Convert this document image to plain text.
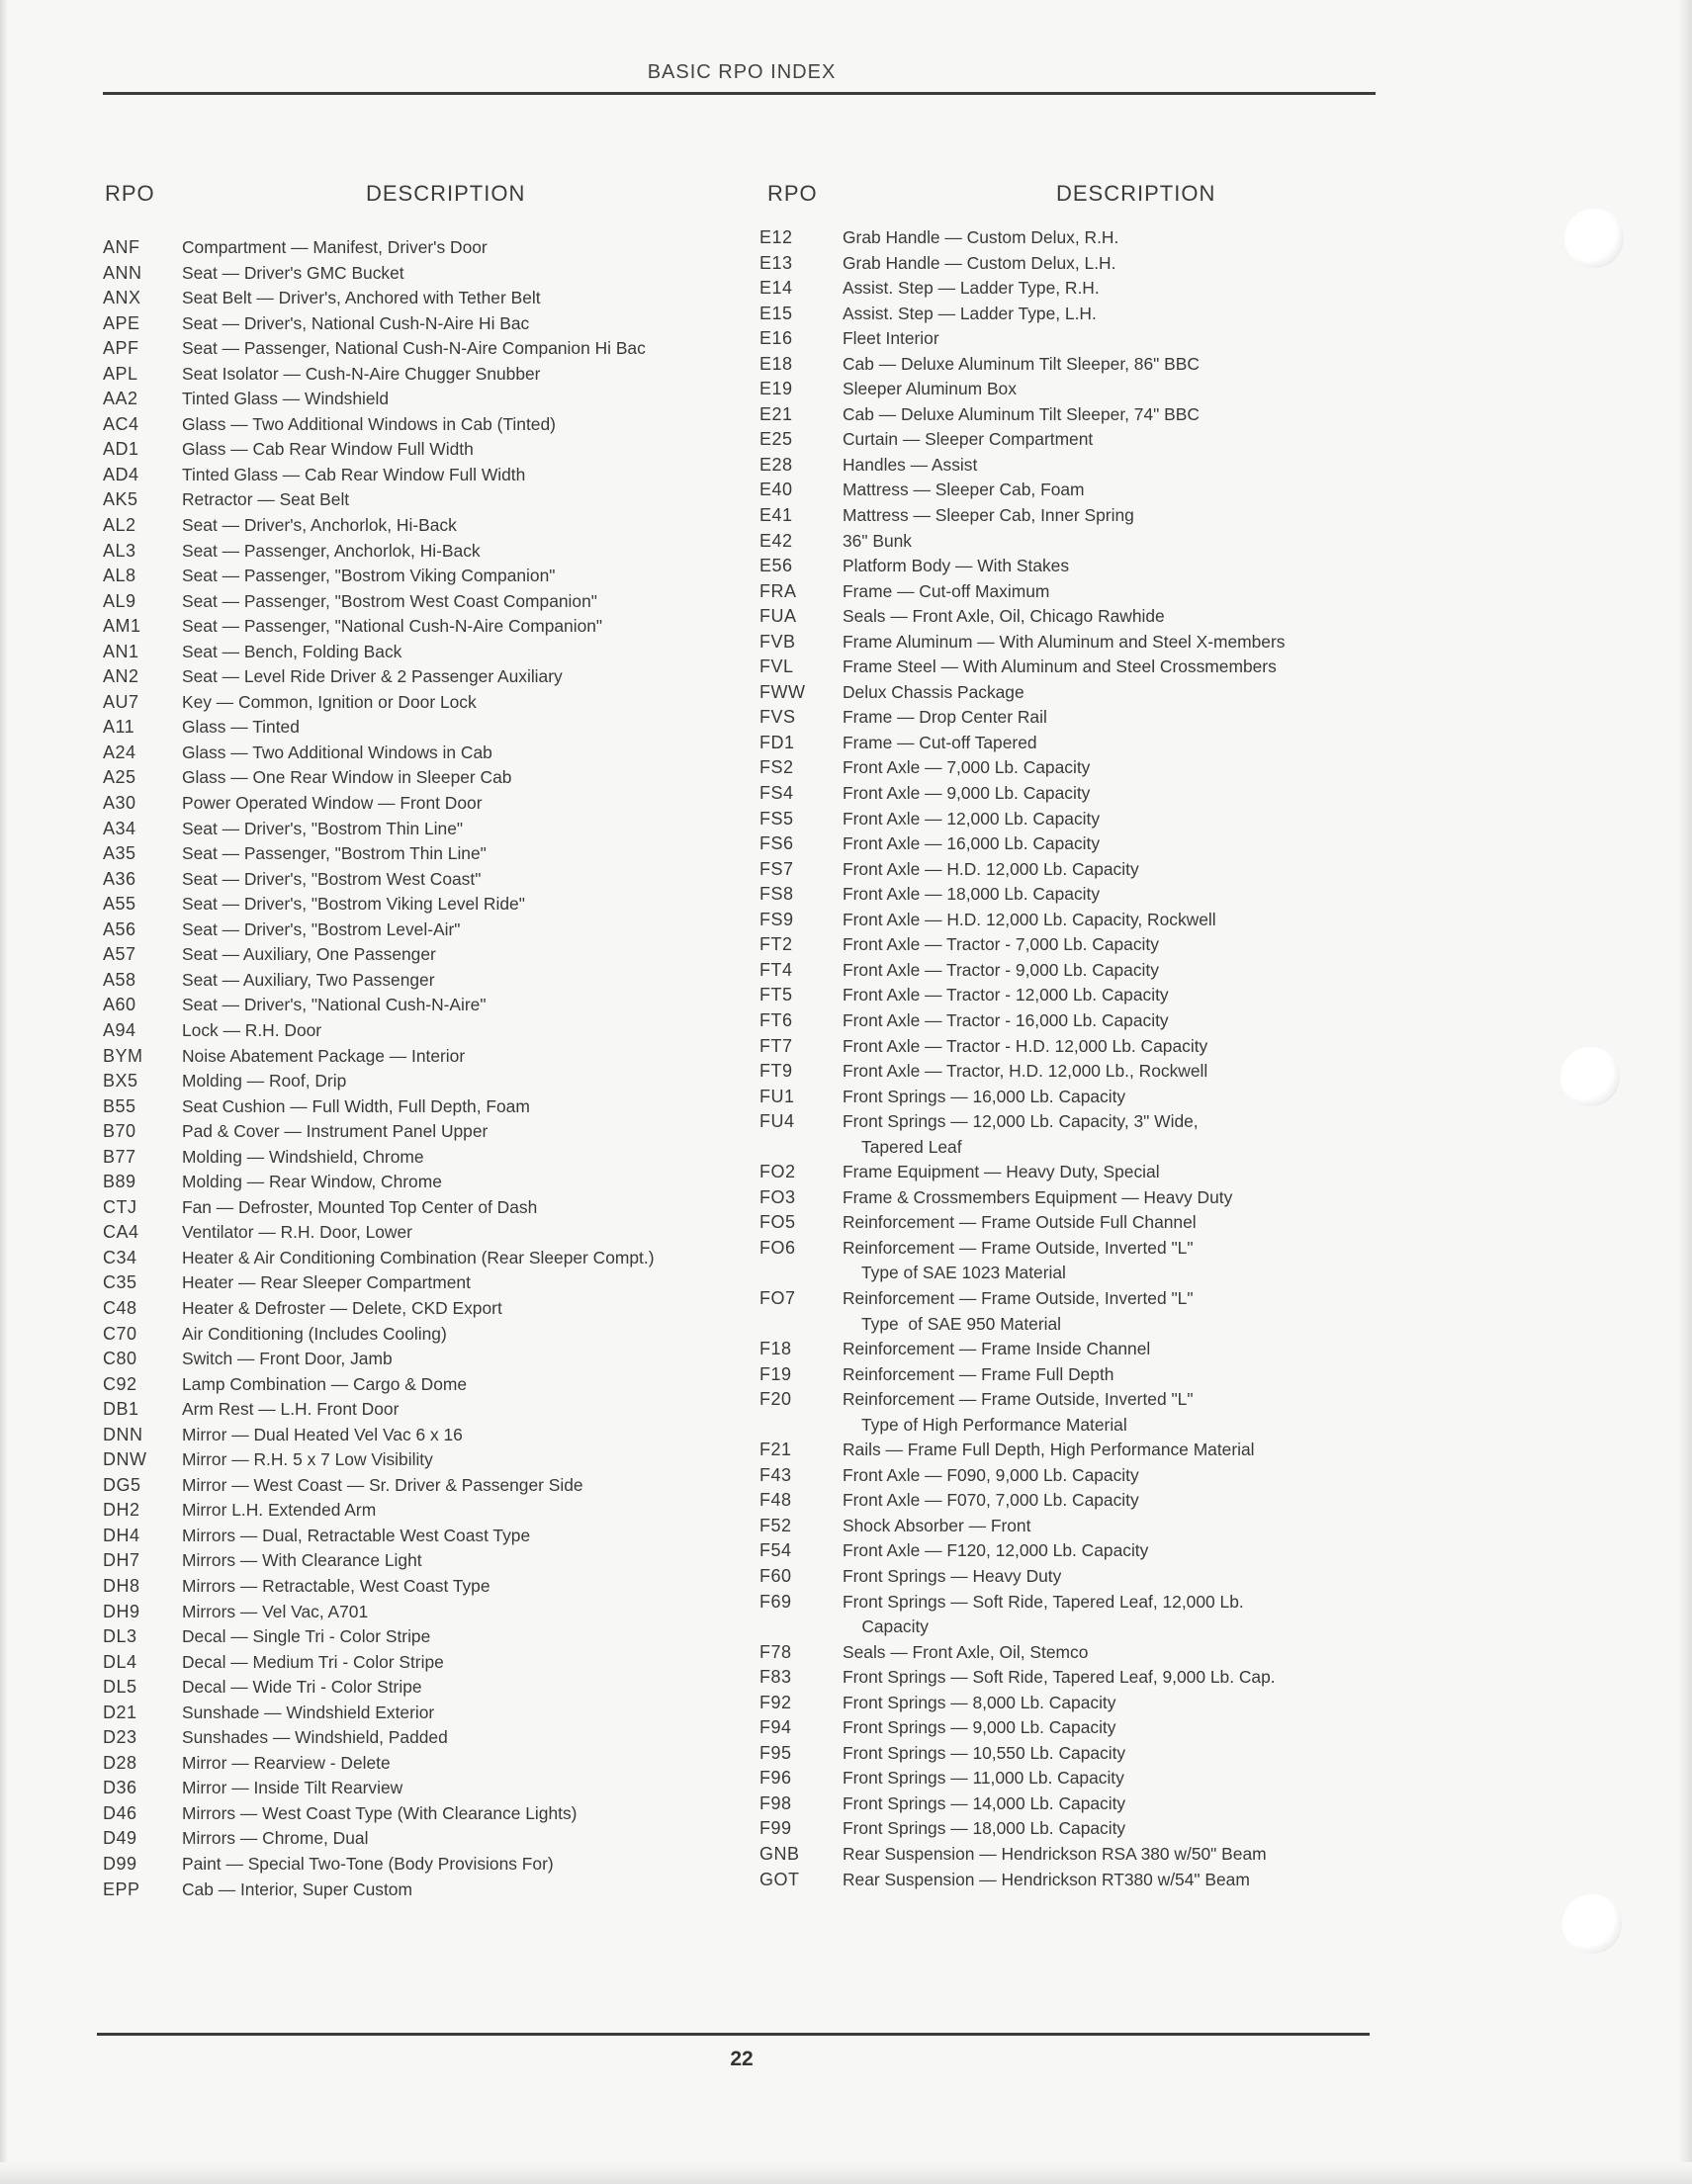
BASIC RPO INDEX
RPO	DESCRIPTION	RPO	DESCRIPTION
ANF	Compartment — Manifest, Driver's Door
ANN	Seat — Driver's GMC Bucket
ANX	Seat Belt — Driver's, Anchored with Tether Belt
APE	Seat — Driver's, National Cush-N-Aire Hi Bac
APF	Seat — Passenger, National Cush-N-Aire Companion Hi Bac
APL	Seat Isolator — Cush-N-Aire Chugger Snubber
AA2	Tinted Glass — Windshield
AC4	Glass — Two Additional Windows in Cab (Tinted)
AD1	Glass — Cab Rear Window Full Width
AD4	Tinted Glass — Cab Rear Window Full Width
AK5	Retractor — Seat Belt
AL2	Seat — Driver's, Anchorlok, Hi-Back
AL3	Seat — Passenger, Anchorlok, Hi-Back
AL8	Seat — Passenger, "Bostrom Viking Companion"
AL9	Seat — Passenger, "Bostrom West Coast Companion"
AM1	Seat — Passenger, "National Cush-N-Aire Companion"
AN1	Seat — Bench, Folding Back
AN2	Seat — Level Ride Driver & 2 Passenger Auxiliary
AU7	Key — Common, Ignition or Door Lock
A11	Glass — Tinted
A24	Glass — Two Additional Windows in Cab
A25	Glass — One Rear Window in Sleeper Cab
A30	Power Operated Window — Front Door
A34	Seat — Driver's, "Bostrom Thin Line"
A35	Seat — Passenger, "Bostrom Thin Line"
A36	Seat — Driver's, "Bostrom West Coast"
A55	Seat — Driver's, "Bostrom Viking Level Ride"
A56	Seat — Driver's, "Bostrom Level-Air"
A57	Seat — Auxiliary, One Passenger
A58	Seat — Auxiliary, Two Passenger
A60	Seat — Driver's, "National Cush-N-Aire"
A94	Lock — R.H. Door
BYM	Noise Abatement Package — Interior
BX5	Molding — Roof, Drip
B55	Seat Cushion — Full Width, Full Depth, Foam
B70	Pad & Cover — Instrument Panel Upper
B77	Molding — Windshield, Chrome
B89	Molding — Rear Window, Chrome
CTJ	Fan — Defroster, Mounted Top Center of Dash
CA4	Ventilator — R.H. Door, Lower
C34	Heater & Air Conditioning Combination (Rear Sleeper Compt.)
C35	Heater — Rear Sleeper Compartment
C48	Heater & Defroster — Delete, CKD Export
C70	Air Conditioning (Includes Cooling)
C80	Switch — Front Door, Jamb
C92	Lamp Combination — Cargo & Dome
DB1	Arm Rest — L.H. Front Door
DNN	Mirror — Dual Heated Vel Vac 6 x 16
DNW	Mirror — R.H. 5 x 7 Low Visibility
DG5	Mirror — West Coast — Sr. Driver & Passenger Side
DH2	Mirror L.H. Extended Arm
DH4	Mirrors — Dual, Retractable West Coast Type
DH7	Mirrors — With Clearance Light
DH8	Mirrors — Retractable, West Coast Type
DH9	Mirrors — Vel Vac, A701
DL3	Decal — Single Tri - Color Stripe
DL4	Decal — Medium Tri - Color Stripe
DL5	Decal — Wide Tri - Color Stripe
D21	Sunshade — Windshield Exterior
D23	Sunshades — Windshield, Padded
D28	Mirror — Rearview - Delete
D36	Mirror — Inside Tilt Rearview
D46	Mirrors — West Coast Type (With Clearance Lights)
D49	Mirrors — Chrome, Dual
D99	Paint — Special Two-Tone (Body Provisions For)
EPP	Cab — Interior, Super Custom
E12	Grab Handle — Custom Delux, R.H.
E13	Grab Handle — Custom Delux, L.H.
E14	Assist. Step — Ladder Type, R.H.
E15	Assist. Step — Ladder Type, L.H.
E16	Fleet Interior
E18	Cab — Deluxe Aluminum Tilt Sleeper, 86" BBC
E19	Sleeper Aluminum Box
E21	Cab — Deluxe Aluminum Tilt Sleeper, 74" BBC
E25	Curtain — Sleeper Compartment
E28	Handles — Assist
E40	Mattress — Sleeper Cab, Foam
E41	Mattress — Sleeper Cab, Inner Spring
E42	36" Bunk
E56	Platform Body — With Stakes
FRA	Frame — Cut-off Maximum
FUA	Seals — Front Axle, Oil, Chicago Rawhide
FVB	Frame Aluminum — With Aluminum and Steel X-members
FVL	Frame Steel — With Aluminum and Steel Crossmembers
FWW	Delux Chassis Package
FVS	Frame — Drop Center Rail
FD1	Frame — Cut-off Tapered
FS2	Front Axle — 7,000 Lb. Capacity
FS4	Front Axle — 9,000 Lb. Capacity
FS5	Front Axle — 12,000 Lb. Capacity
FS6	Front Axle — 16,000 Lb. Capacity
FS7	Front Axle — H.D. 12,000 Lb. Capacity
FS8	Front Axle — 18,000 Lb. Capacity
FS9	Front Axle — H.D. 12,000 Lb. Capacity, Rockwell
FT2	Front Axle — Tractor - 7,000 Lb. Capacity
FT4	Front Axle — Tractor - 9,000 Lb. Capacity
FT5	Front Axle — Tractor - 12,000 Lb. Capacity
FT6	Front Axle — Tractor - 16,000 Lb. Capacity
FT7	Front Axle — Tractor - H.D. 12,000 Lb. Capacity
FT9	Front Axle — Tractor, H.D. 12,000 Lb., Rockwell
FU1	Front Springs — 16,000 Lb. Capacity
FU4	Front Springs — 12,000 Lb. Capacity, 3" Wide,
Tapered Leaf
FO2	Frame Equipment — Heavy Duty, Special
FO3	Frame & Crossmembers Equipment — Heavy Duty
FO5	Reinforcement — Frame Outside Full Channel
FO6	Reinforcement — Frame Outside, Inverted "L"
Type of SAE 1023 Material
FO7	Reinforcement — Frame Outside, Inverted "L"
Type  of SAE 950 Material
F18	Reinforcement — Frame Inside Channel
F19	Reinforcement — Frame Full Depth
F20	Reinforcement — Frame Outside, Inverted "L"
Type of High Performance Material
F21	Rails — Frame Full Depth, High Performance Material
F43	Front Axle — F090, 9,000 Lb. Capacity
F48	Front Axle — F070, 7,000 Lb. Capacity
F52	Shock Absorber — Front
F54	Front Axle — F120, 12,000 Lb. Capacity
F60	Front Springs — Heavy Duty
F69	Front Springs — Soft Ride, Tapered Leaf, 12,000 Lb.
Capacity
F78	Seals — Front Axle, Oil, Stemco
F83	Front Springs — Soft Ride, Tapered Leaf, 9,000 Lb. Cap.
F92	Front Springs — 8,000 Lb. Capacity
F94	Front Springs — 9,000 Lb. Capacity
F95	Front Springs — 10,550 Lb. Capacity
F96	Front Springs — 11,000 Lb. Capacity
F98	Front Springs — 14,000 Lb. Capacity
F99	Front Springs — 18,000 Lb. Capacity
GNB	Rear Suspension — Hendrickson RSA 380 w/50" Beam
GOT	Rear Suspension — Hendrickson RT380 w/54" Beam
22
